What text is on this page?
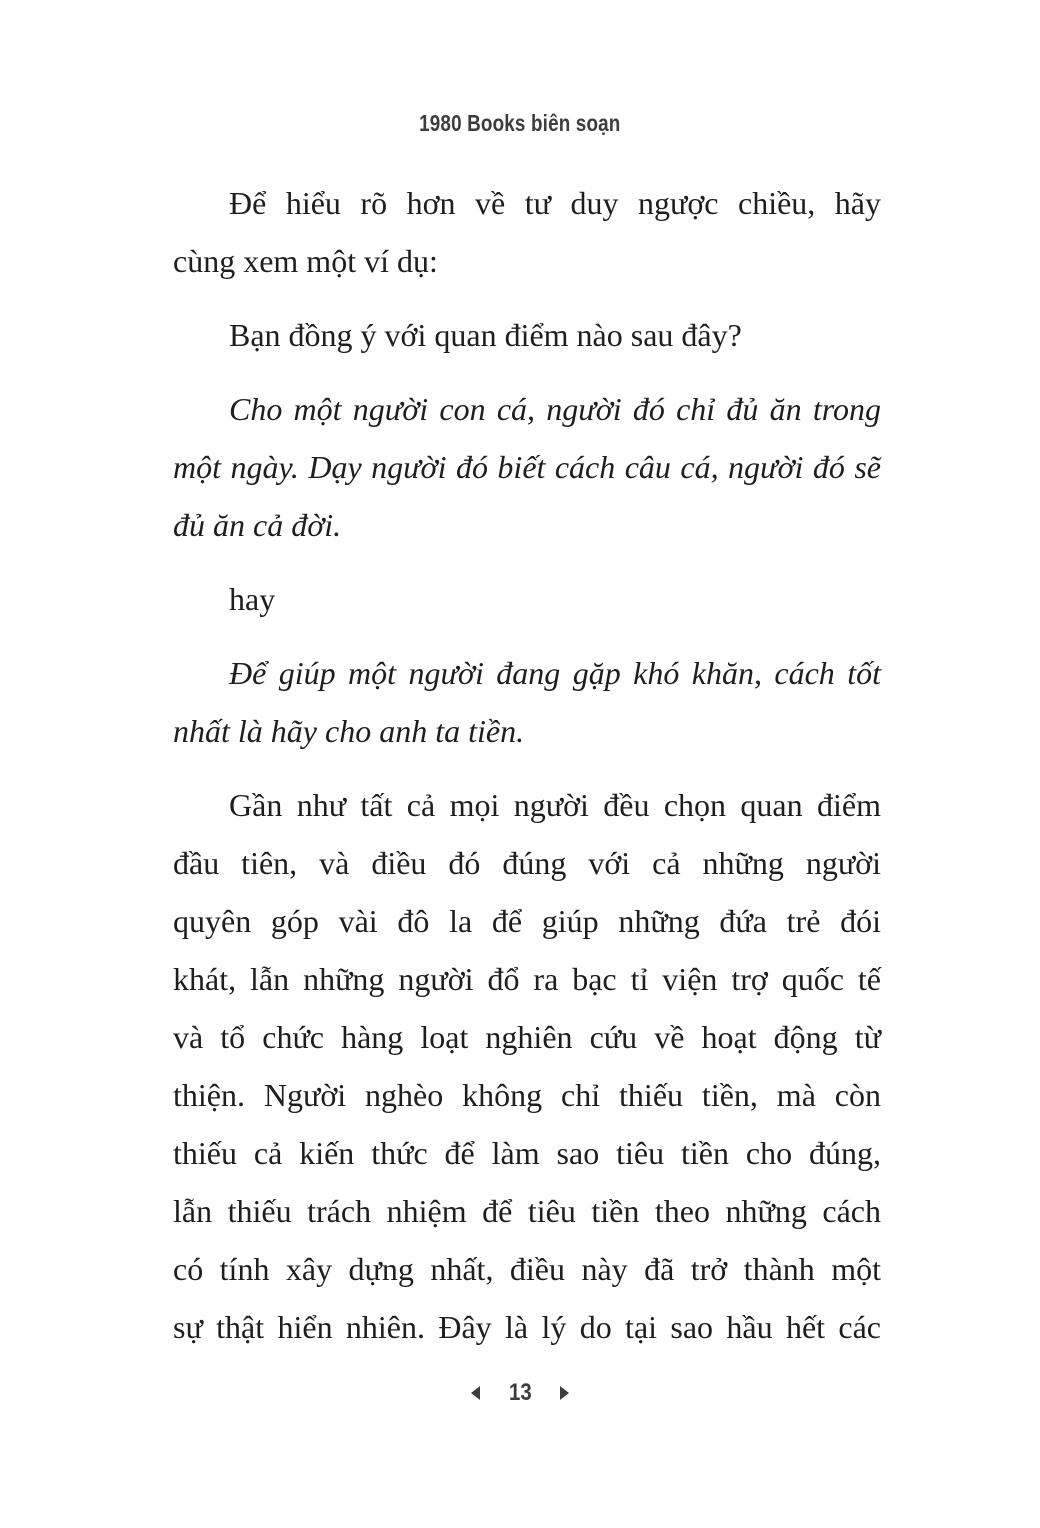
1980 Books biên soạn
Để hiểu rõ hơn về tư duy ngược chiều, hãy
cùng xem một ví dụ:
Bạn đồng ý với quan điểm nào sau đây?
Cho một người con cá, người đó chỉ đủ ăn trong
một ngày. Dạy người đó biết cách câu cá, người đó sẽ
đủ ăn cả đời.
hay
Để giúp một người đang gặp khó khăn, cách tốt
nhất là hãy cho anh ta tiền.
Gần như tất cả mọi người đều chọn quan điểm
đầu tiên, và điều đó đúng với cả những người
quyên góp vài đô la để giúp những đứa trẻ đói
khát, lẫn những người đổ ra bạc tỉ viện trợ quốc tế
và tổ chức hàng loạt nghiên cứu về hoạt động từ
thiện. Người nghèo không chỉ thiếu tiền, mà còn
thiếu cả kiến thức để làm sao tiêu tiền cho đúng,
lẫn thiếu trách nhiệm để tiêu tiền theo những cách
có tính xây dựng nhất, điều này đã trở thành một
sự thật hiển nhiên. Đây là lý do tại sao hầu hết các
13
